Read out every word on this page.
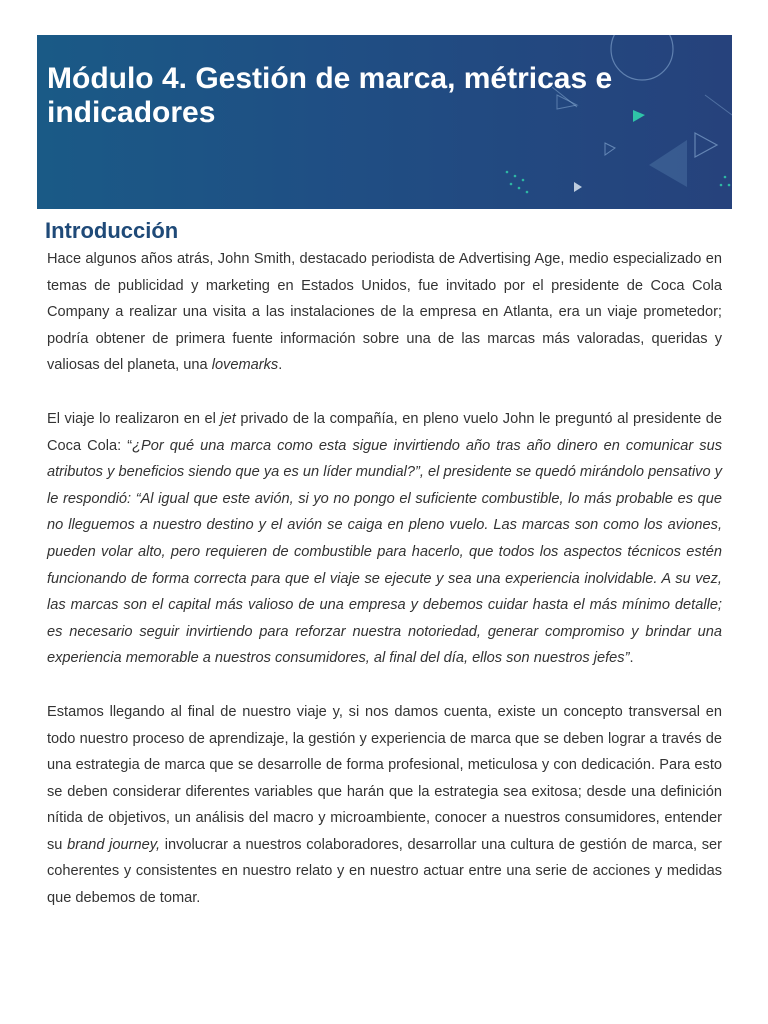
Módulo 4. Gestión de marca, métricas e indicadores
Introducción

Hace algunos años atrás, John Smith, destacado periodista de Advertising Age, medio especializado en temas de publicidad y marketing en Estados Unidos, fue invitado por el presidente de Coca Cola Company a realizar una visita a las instalaciones de la empresa en Atlanta, era un viaje prometedor; podría obtener de primera fuente información sobre una de las marcas más valoradas, queridas y valiosas del planeta, una lovemarks.

El viaje lo realizaron en el jet privado de la compañía, en pleno vuelo John le preguntó al presidente de Coca Cola: “¿Por qué una marca como esta sigue invirtiendo año tras año dinero en comunicar sus atributos y beneficios siendo que ya es un líder mundial?”, el presidente se quedó mirándolo pensativo y le respondió: “Al igual que este avión, si yo no pongo el suficiente combustible, lo más probable es que no lleguemos a nuestro destino y el avión se caiga en pleno vuelo. Las marcas son como los aviones, pueden volar alto, pero requieren de combustible para hacerlo, que todos los aspectos técnicos estén funcionando de forma correcta para que el viaje se ejecute y sea una experiencia inolvidable. A su vez, las marcas son el capital más valioso de una empresa y debemos cuidar hasta el más mínimo detalle; es necesario seguir invirtiendo para reforzar nuestra notoriedad, generar compromiso y brindar una experiencia memorable a nuestros consumidores, al final del día, ellos son nuestros jefes”.

Estamos llegando al final de nuestro viaje y, si nos damos cuenta, existe un concepto transversal en todo nuestro proceso de aprendizaje, la gestión y experiencia de marca que se deben lograr a través de una estrategia de marca que se desarrolle de forma profesional, meticulosa y con dedicación. Para esto se deben considerar diferentes variables que harán que la estrategia sea exitosa; desde una definición nítida de objetivos, un análisis del macro y microambiente, conocer a nuestros consumidores, entender su brand journey, involucrar a nuestros colaboradores, desarrollar una cultura de gestión de marca, ser coherentes y consistentes en nuestro relato y en nuestro actuar entre una serie de acciones y medidas que debemos de tomar.
